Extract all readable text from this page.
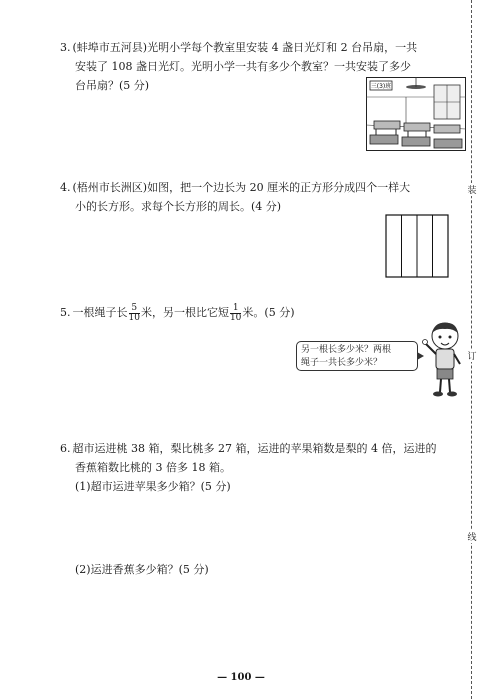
3. (蚌埠市五河县)光明小学每个教室里安装 4 盏日光灯和 2 台吊扇，一共

安装了 108 盏日光灯。光明小学一共有多少个教室？一共安装了多少

台吊扇？(5 分)	三(3)班

4. (梧州市长洲区)如图，把一个边长为 20 厘米的正方形分成四个一样大

小的长方形。求每个长方形的周长。(4 分)

5. 一根绳子长 $\frac{5}{10}$ 米，另一根比它短 $\frac{1}{10}$ 米。(5 分)

另一根长多少米？两根
绳子一共长多少米？

6. 超市运进桃 38 箱，梨比桃多 27 箱，运进的苹果箱数是梨的 4 倍，运进的

香蕉箱数比桃的 3 倍多 18 箱。

(1)超市运进苹果多少箱？(5 分)

(2)运进香蕉多少箱？(5 分)

装
订
线
— 100 —
